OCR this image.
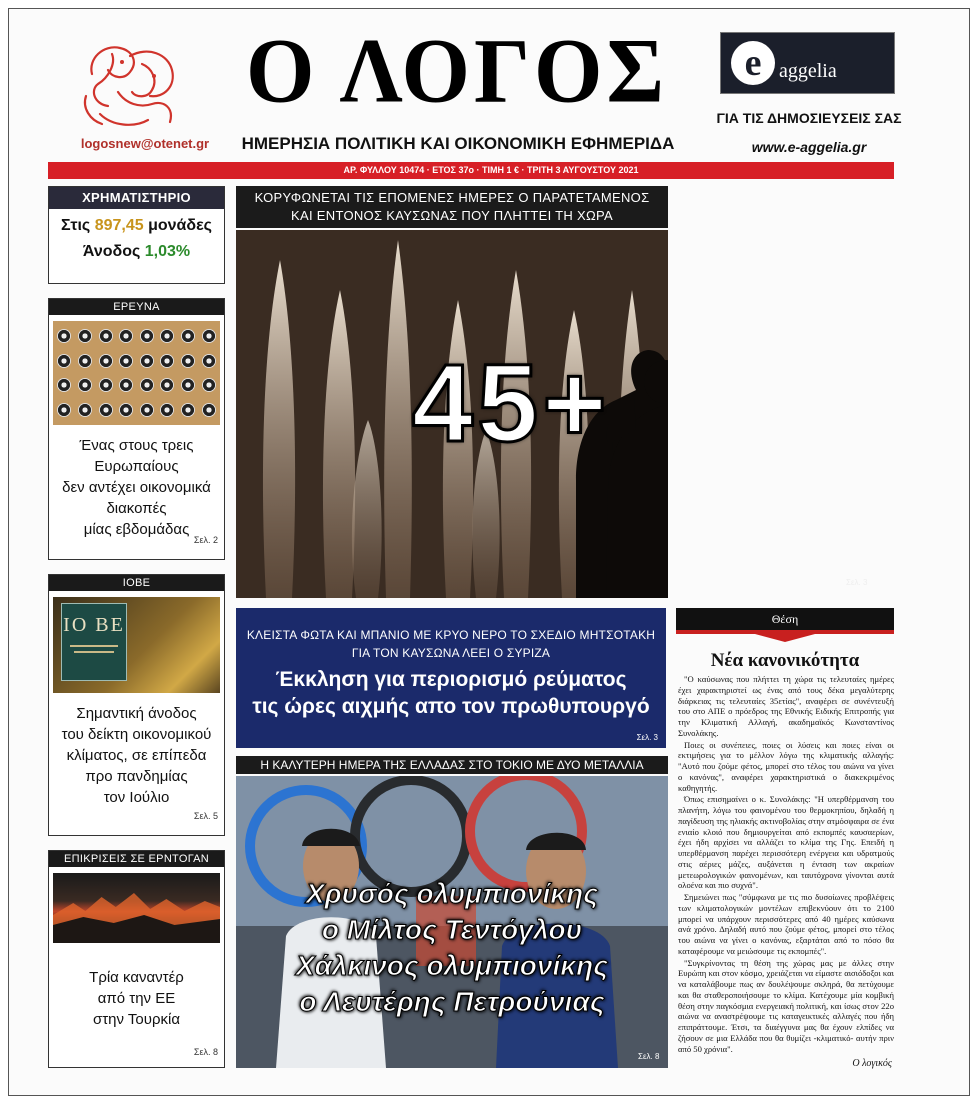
logosnew@otenet.gr
Ο ΛΟΓΟΣ
ΗΜΕΡΗΣΙΑ ΠΟΛΙΤΙΚΗ ΚΑΙ ΟΙΚΟΝΟΜΙΚΗ ΕΦΗΜΕΡΙΔΑ
e aggelia
ΓΙΑ ΤΙΣ ΔΗΜΟΣΙΕΥΣΕΙΣ ΣΑΣ
www.e-aggelia.gr
ΑΡ. ΦΥΛΛΟΥ 10474 · ΕΤΟΣ 37ο · ΤΙΜΗ 1 € · ΤΡΙΤΗ 3 ΑΥΓΟΥΣΤΟΥ 2021
ΧΡΗΜΑΤΙΣΤΗΡΙΟ
Στις 897,45 μονάδες
Άνοδος 1,03%
ΕΡΕΥΝΑ
Ένας στους τρεις
Ευρωπαίους
δεν αντέχει οικονομικά
διακοπές
μίας εβδομάδας
Σελ. 2
ΙΟΒΕ
IO BE
Σημαντική άνοδος
του δείκτη οικονομικού
κλίματος, σε επίπεδα
προ πανδημίας
τον Ιούλιο
Σελ. 5
ΕΠΙΚΡΙΣΕΙΣ ΣΕ ΕΡΝΤΟΓΑΝ
Τρία καναντέρ
από την ΕΕ
στην Τουρκία
Σελ. 8
ΚΟΡΥΦΩΝΕΤΑΙ ΤΙΣ ΕΠΟΜΕΝΕΣ ΗΜΕΡΕΣ Ο ΠΑΡΑΤΕΤΑΜΕΝΟΣ
ΚΑΙ ΕΝΤΟΝΟΣ ΚΑΥΣΩΝΑΣ ΠΟΥ ΠΛΗΤΤΕΙ ΤΗ ΧΩΡΑ
45+
Σελ. 3
ΚΛΕΙΣΤΑ ΦΩΤΑ ΚΑΙ ΜΠΑΝΙΟ ΜΕ ΚΡΥΟ ΝΕΡΟ ΤΟ ΣΧΕΔΙΟ ΜΗΤΣΟΤΑΚΗ
ΓΙΑ ΤΟΝ ΚΑΥΣΩΝΑ ΛΕΕΙ Ο ΣΥΡΙΖΑ
Έκκληση για περιορισμό ρεύματος
τις ώρες αιχμής απο τον πρωθυπουργό
Σελ. 3
Η ΚΑΛΥΤΕΡΗ ΗΜΕΡΑ ΤΗΣ ΕΛΛΑΔΑΣ ΣΤΟ ΤΟΚΙΟ ΜΕ ΔΥΟ ΜΕΤΑΛΛΙΑ
Χρυσός ολυμπιονίκης
ο Μίλτος Τεντόγλου
Χάλκινος ολυμπιονίκης
ο Λευτέρης Πετρούνιας
Σελ. 8
Θέση
Νέα κανονικότητα

"Ο καύσωνας που πλήττει τη χώρα τις τελευταίες ημέρες έχει χαρακτηριστεί ως ένας από τους δέκα μεγαλύτερης διάρκειας τις τελευταίες 35ετίας", αναφέρει σε συνέντευξή του στο ΑΠΕ ο πρόεδρος της Εθνικής Ειδικής Επιτροπής για την Κλιματική Αλλαγή, ακαδημαϊκός Κωνσταντίνος Συνολάκης.

Ποιες οι συνέπειες, ποιες οι λύσεις και ποιες είναι οι εκτιμήσεις για το μέλλον λόγω της κλιματικής αλλαγής: "Αυτό που ζούμε φέτος, μπορεί στο τέλος του αιώνα να γίνει ο κανόνας", αναφέρει χαρακτηριστικά ο διακεκριμένος καθηγητής.

Όπως επισημαίνει ο κ. Συνολάκης: "Η υπερθέρμανση του πλανήτη, λόγω του φαινομένου του θερμοκηπίου, δηλαδή η παγίδευση της ηλιακής ακτινοβολίας στην ατμόσφαιρα σε ένα ενιαίο κλοιό που δημιουργείται από εκπομπές καυσαερίων, έχει ήδη αρχίσει να αλλάζει το κλίμα της Γης. Επειδή η υπερθέρμανση παρέχει περισσότερη ενέργεια και υδρατμούς στις αέριες μάζες, αυξάνεται η ένταση των ακραίων μετεωρολογικών φαινομένων, και ταυτόχρονα γίνονται αυτά ολοένα και πιο συχνά".

Σημειώνει πως "σύμφωνα με τις πιο δυσοίωνες προβλέψεις των κλιματολογικών μοντέλων επιβεκνύουν ότι το 2100 μπορεί να υπάρχουν περισσότερες από 40 ημέρες καύσωνα ανά χρόνο. Δηλαδή αυτό που ζούμε φέτος, μπορεί στο τέλος του αιώνα να γίνει ο κανόνας, εξαρτάται από το πόσο θα καταφέρουμε να μειώσουμε τις εκπομπές".

"Συγκρίνοντας τη θέση της χώρας μας με άλλες στην Ευρώπη και στον κόσμο, χρειάζεται να είμαστε αισιόδοξοι και να καταλάβουμε πως αν δουλέψουμε σκληρά, θα πετύχουμε και θα σταθεροποιήσουμε το κλίμα. Κατέχουμε μία κομβική θέση στην παγκόσμια ενεργειακή πολιτική, και ίσως στον 22ο αιώνα να αναστρέψουμε τις καταγεικτικές αλλαγές που ήδη επιπράττουμε. Έτσι, τα διαέγγυνα μας θα έχουν ελπίδες να ζήσουν σε μια Ελλάδα που θα θυμίζει -κλιματικό- αυτήν πριν από 50 χρόνια".

Ο λογικός
